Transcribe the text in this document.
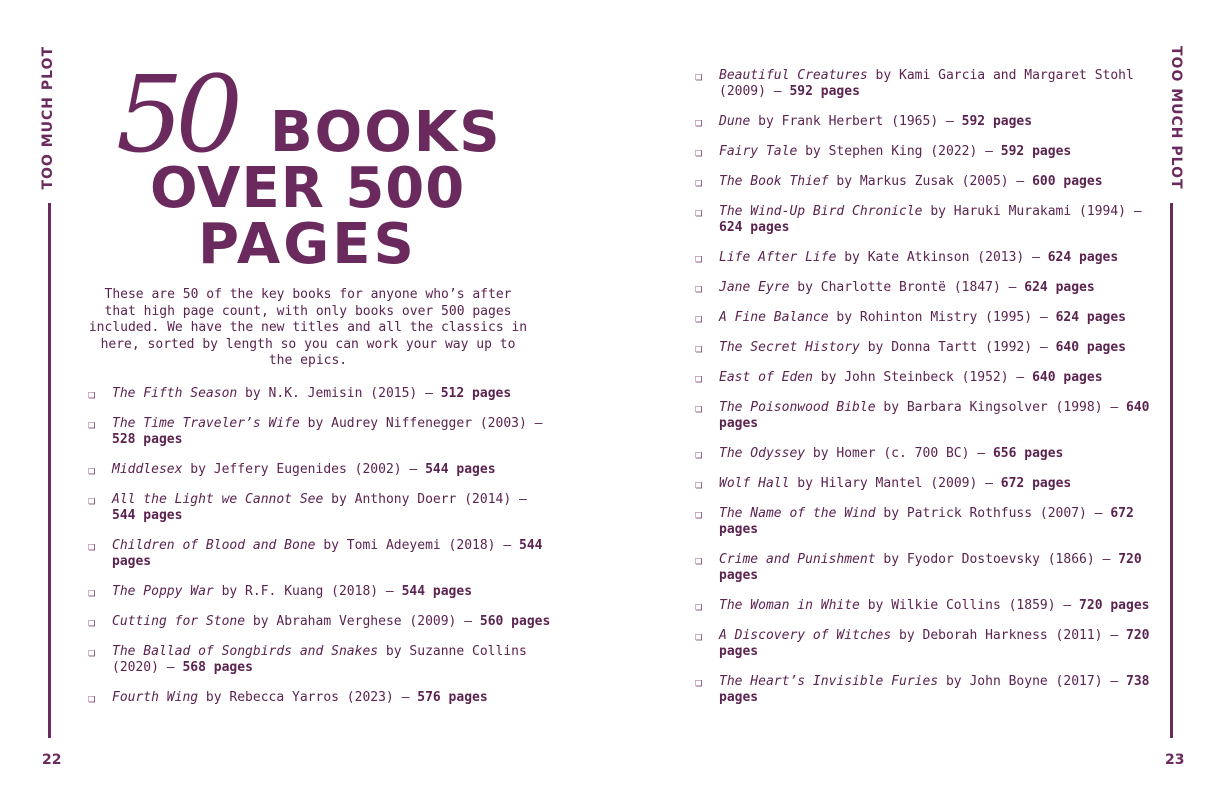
TOO MUCH PLOT
22
50 BOOKS
OVER 500
PAGES
These are 50 of the key books for anyone who’s after that high page count, with only books over 500 pages included. We have the new titles and all the classics in here, sorted by length so you can work your way up to the epics.
❏ The Fifth Season by N.K. Jemisin (2015) – 512 pages
❏ The Time Traveler’s Wife by Audrey Niffenegger (2003) – 528 pages
❏ Middlesex by Jeffery Eugenides (2002) – 544 pages
❏ All the Light we Cannot See by Anthony Doerr (2014) – 544 pages
❏ Children of Blood and Bone by Tomi Adeyemi (2018) – 544 pages
❏ The Poppy War by R.F. Kuang (2018) – 544 pages
❏ Cutting for Stone by Abraham Verghese (2009) – 560 pages
❏ The Ballad of Songbirds and Snakes by Suzanne Collins (2020) – 568 pages
❏ Fourth Wing by Rebecca Yarros (2023) – 576 pages
❏ Beautiful Creatures by Kami Garcia and Margaret Stohl (2009) – 592 pages
❏ Dune by Frank Herbert (1965) – 592 pages
❏ Fairy Tale by Stephen King (2022) – 592 pages
❏ The Book Thief by Markus Zusak (2005) – 600 pages
❏ The Wind-Up Bird Chronicle by Haruki Murakami (1994) – 624 pages
❏ Life After Life by Kate Atkinson (2013) – 624 pages
❏ Jane Eyre by Charlotte Brontë (1847) – 624 pages
❏ A Fine Balance by Rohinton Mistry (1995) – 624 pages
❏ The Secret History by Donna Tartt (1992) – 640 pages
❏ East of Eden by John Steinbeck (1952) – 640 pages
❏ The Poisonwood Bible by Barbara Kingsolver (1998) – 640 pages
❏ The Odyssey by Homer (c. 700 BC) – 656 pages
❏ Wolf Hall by Hilary Mantel (2009) – 672 pages
❏ The Name of the Wind by Patrick Rothfuss (2007) – 672 pages
❏ Crime and Punishment by Fyodor Dostoevsky (1866) – 720 pages
❏ The Woman in White by Wilkie Collins (1859) – 720 pages
❏ A Discovery of Witches by Deborah Harkness (2011) – 720 pages
❏ The Heart’s Invisible Furies by John Boyne (2017) – 738 pages
TOO MUCH PLOT
23
